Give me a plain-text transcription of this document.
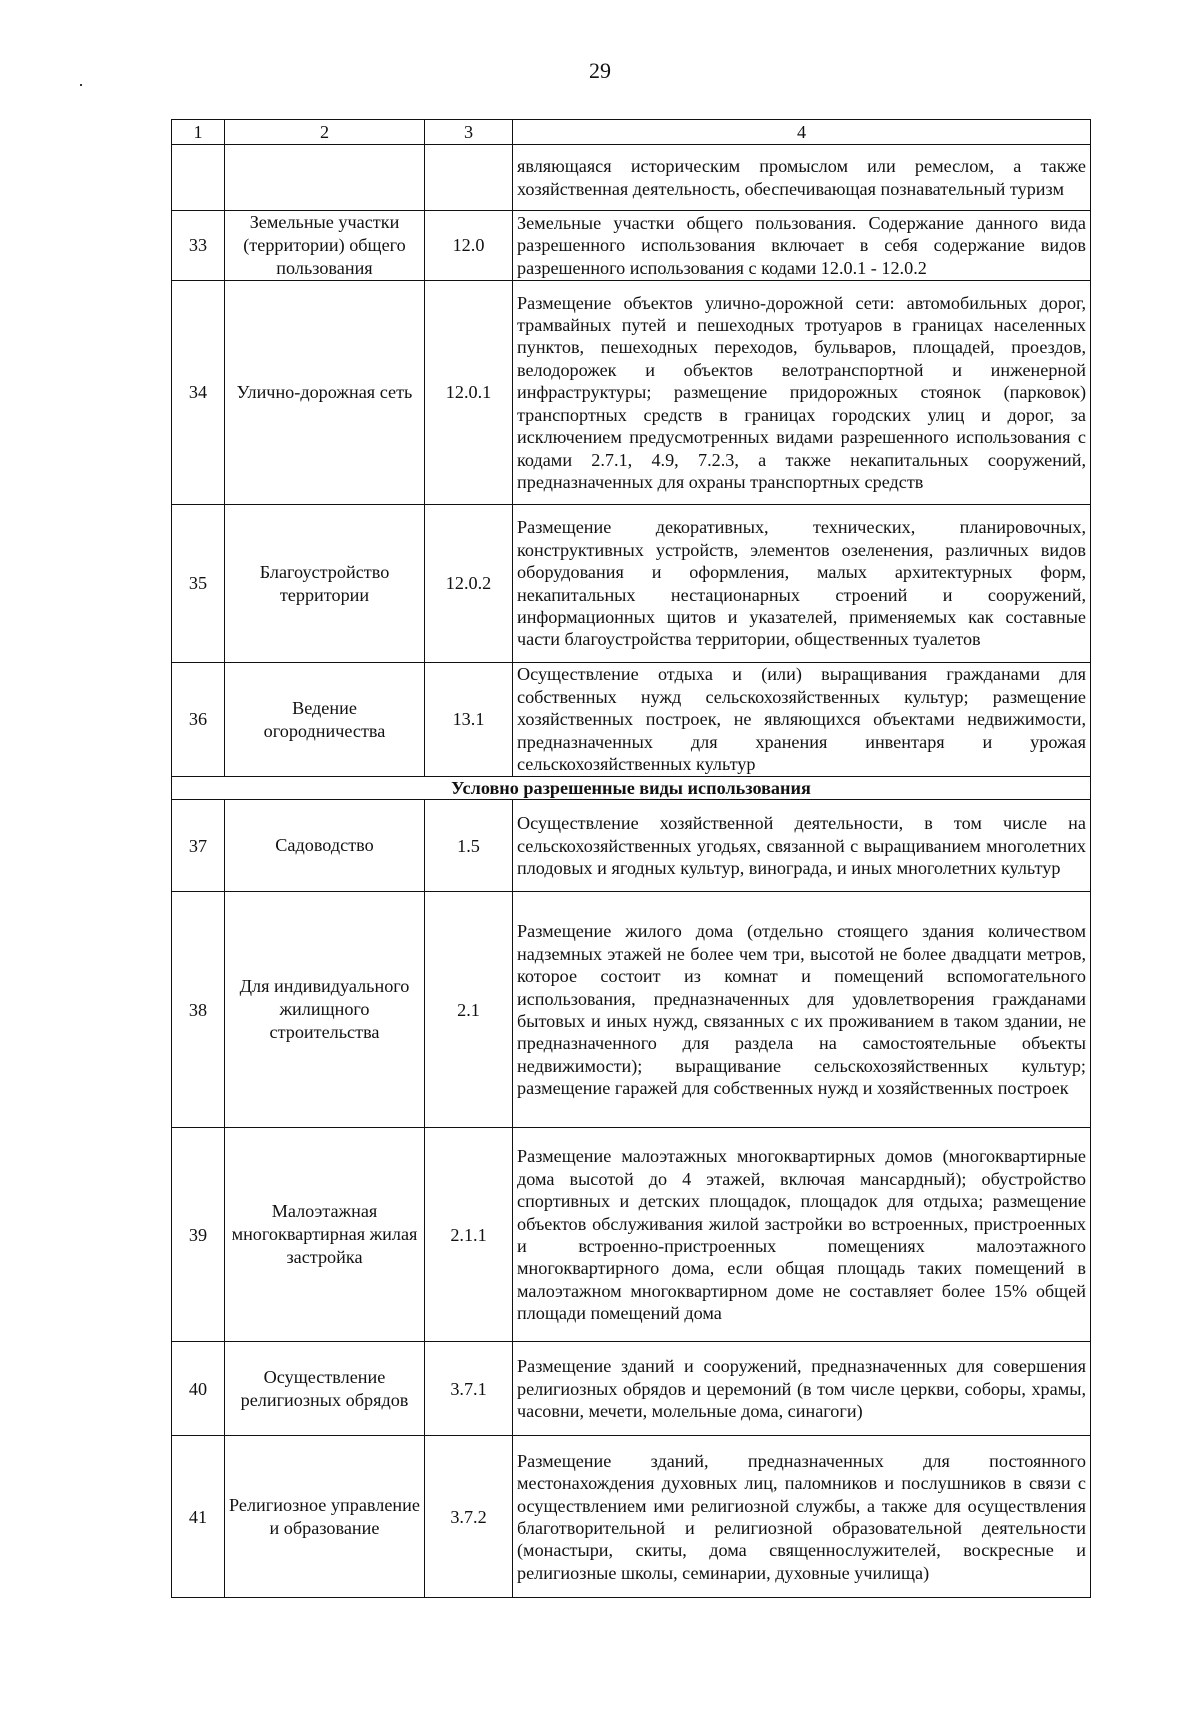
29
1	2	3	4
			являющаяся историческим промыслом или ремеслом, а также хозяйственная деятельность, обеспечивающая познавательный туризм
33	Земельные участки (территории) общего пользования	12.0	Земельные участки общего пользования. Содержание данного вида разрешенного использования включает в себя содержание видов разрешенного использования с кодами 12.0.1 - 12.0.2
34	Улично-дорожная сеть	12.0.1	Размещение объектов улично-дорожной сети: автомобильных дорог, трамвайных путей и пешеходных тротуаров в границах населенных пунктов, пешеходных переходов, бульваров, площадей, проездов, велодорожек и объектов велотранспортной и инженерной инфраструктуры; размещение придорожных стоянок (парковок) транспортных средств в границах городских улиц и дорог, за исключением предусмотренных видами разрешенного использования с кодами 2.7.1, 4.9, 7.2.3, а также некапитальных сооружений, предназначенных для охраны транспортных средств
35	Благоустройство территории	12.0.2	Размещение декоративных, технических, планировочных, конструктивных устройств, элементов озеленения, различных видов оборудования и оформления, малых архитектурных форм, некапитальных нестационарных строений и сооружений, информационных щитов и указателей, применяемых как составные части благоустройства территории, общественных туалетов
36	Ведение огородничества	13.1	Осуществление отдыха и (или) выращивания гражданами для собственных нужд сельскохозяйственных культур; размещение хозяйственных построек, не являющихся объектами недвижимости, предназначенных для хранения инвентаря и урожая сельскохозяйственных культур
Условно разрешенные виды использования			
37	Садоводство	1.5	Осуществление хозяйственной деятельности, в том числе на сельскохозяйственных угодьях, связанной с выращиванием многолетних плодовых и ягодных культур, винограда, и иных многолетних культур
38	Для индивидуального жилищного строительства	2.1	Размещение жилого дома (отдельно стоящего здания количеством надземных этажей не более чем три, высотой не более двадцати метров, которое состоит из комнат и помещений вспомогательного использования, предназначенных для удовлетворения гражданами бытовых и иных нужд, связанных с их проживанием в таком здании, не предназначенного для раздела на самостоятельные объекты недвижимости); выращивание сельскохозяйственных культур; размещение гаражей для собственных нужд и хозяйственных построек
39	Малоэтажная многоквартирная жилая застройка	2.1.1	Размещение малоэтажных многоквартирных домов (многоквартирные дома высотой до 4 этажей, включая мансардный); обустройство спортивных и детских площадок, площадок для отдыха; размещение объектов обслуживания жилой застройки во встроенных, пристроенных и встроенно-пристроенных помещениях малоэтажного многоквартирного дома, если общая площадь таких помещений в малоэтажном многоквартирном доме не составляет более 15% общей площади помещений дома
40	Осуществление религиозных обрядов	3.7.1	Размещение зданий и сооружений, предназначенных для совершения религиозных обрядов и церемоний (в том числе церкви, соборы, храмы, часовни, мечети, молельные дома, синагоги)
41	Религиозное управление и образование	3.7.2	Размещение зданий, предназначенных для постоянного местонахождения духовных лиц, паломников и послушников в связи с осуществлением ими религиозной службы, а также для осуществления благотворительной и религиозной образовательной деятельности (монастыри, скиты, дома священнослужителей, воскресные и религиозные школы, семинарии, духовные училища)
